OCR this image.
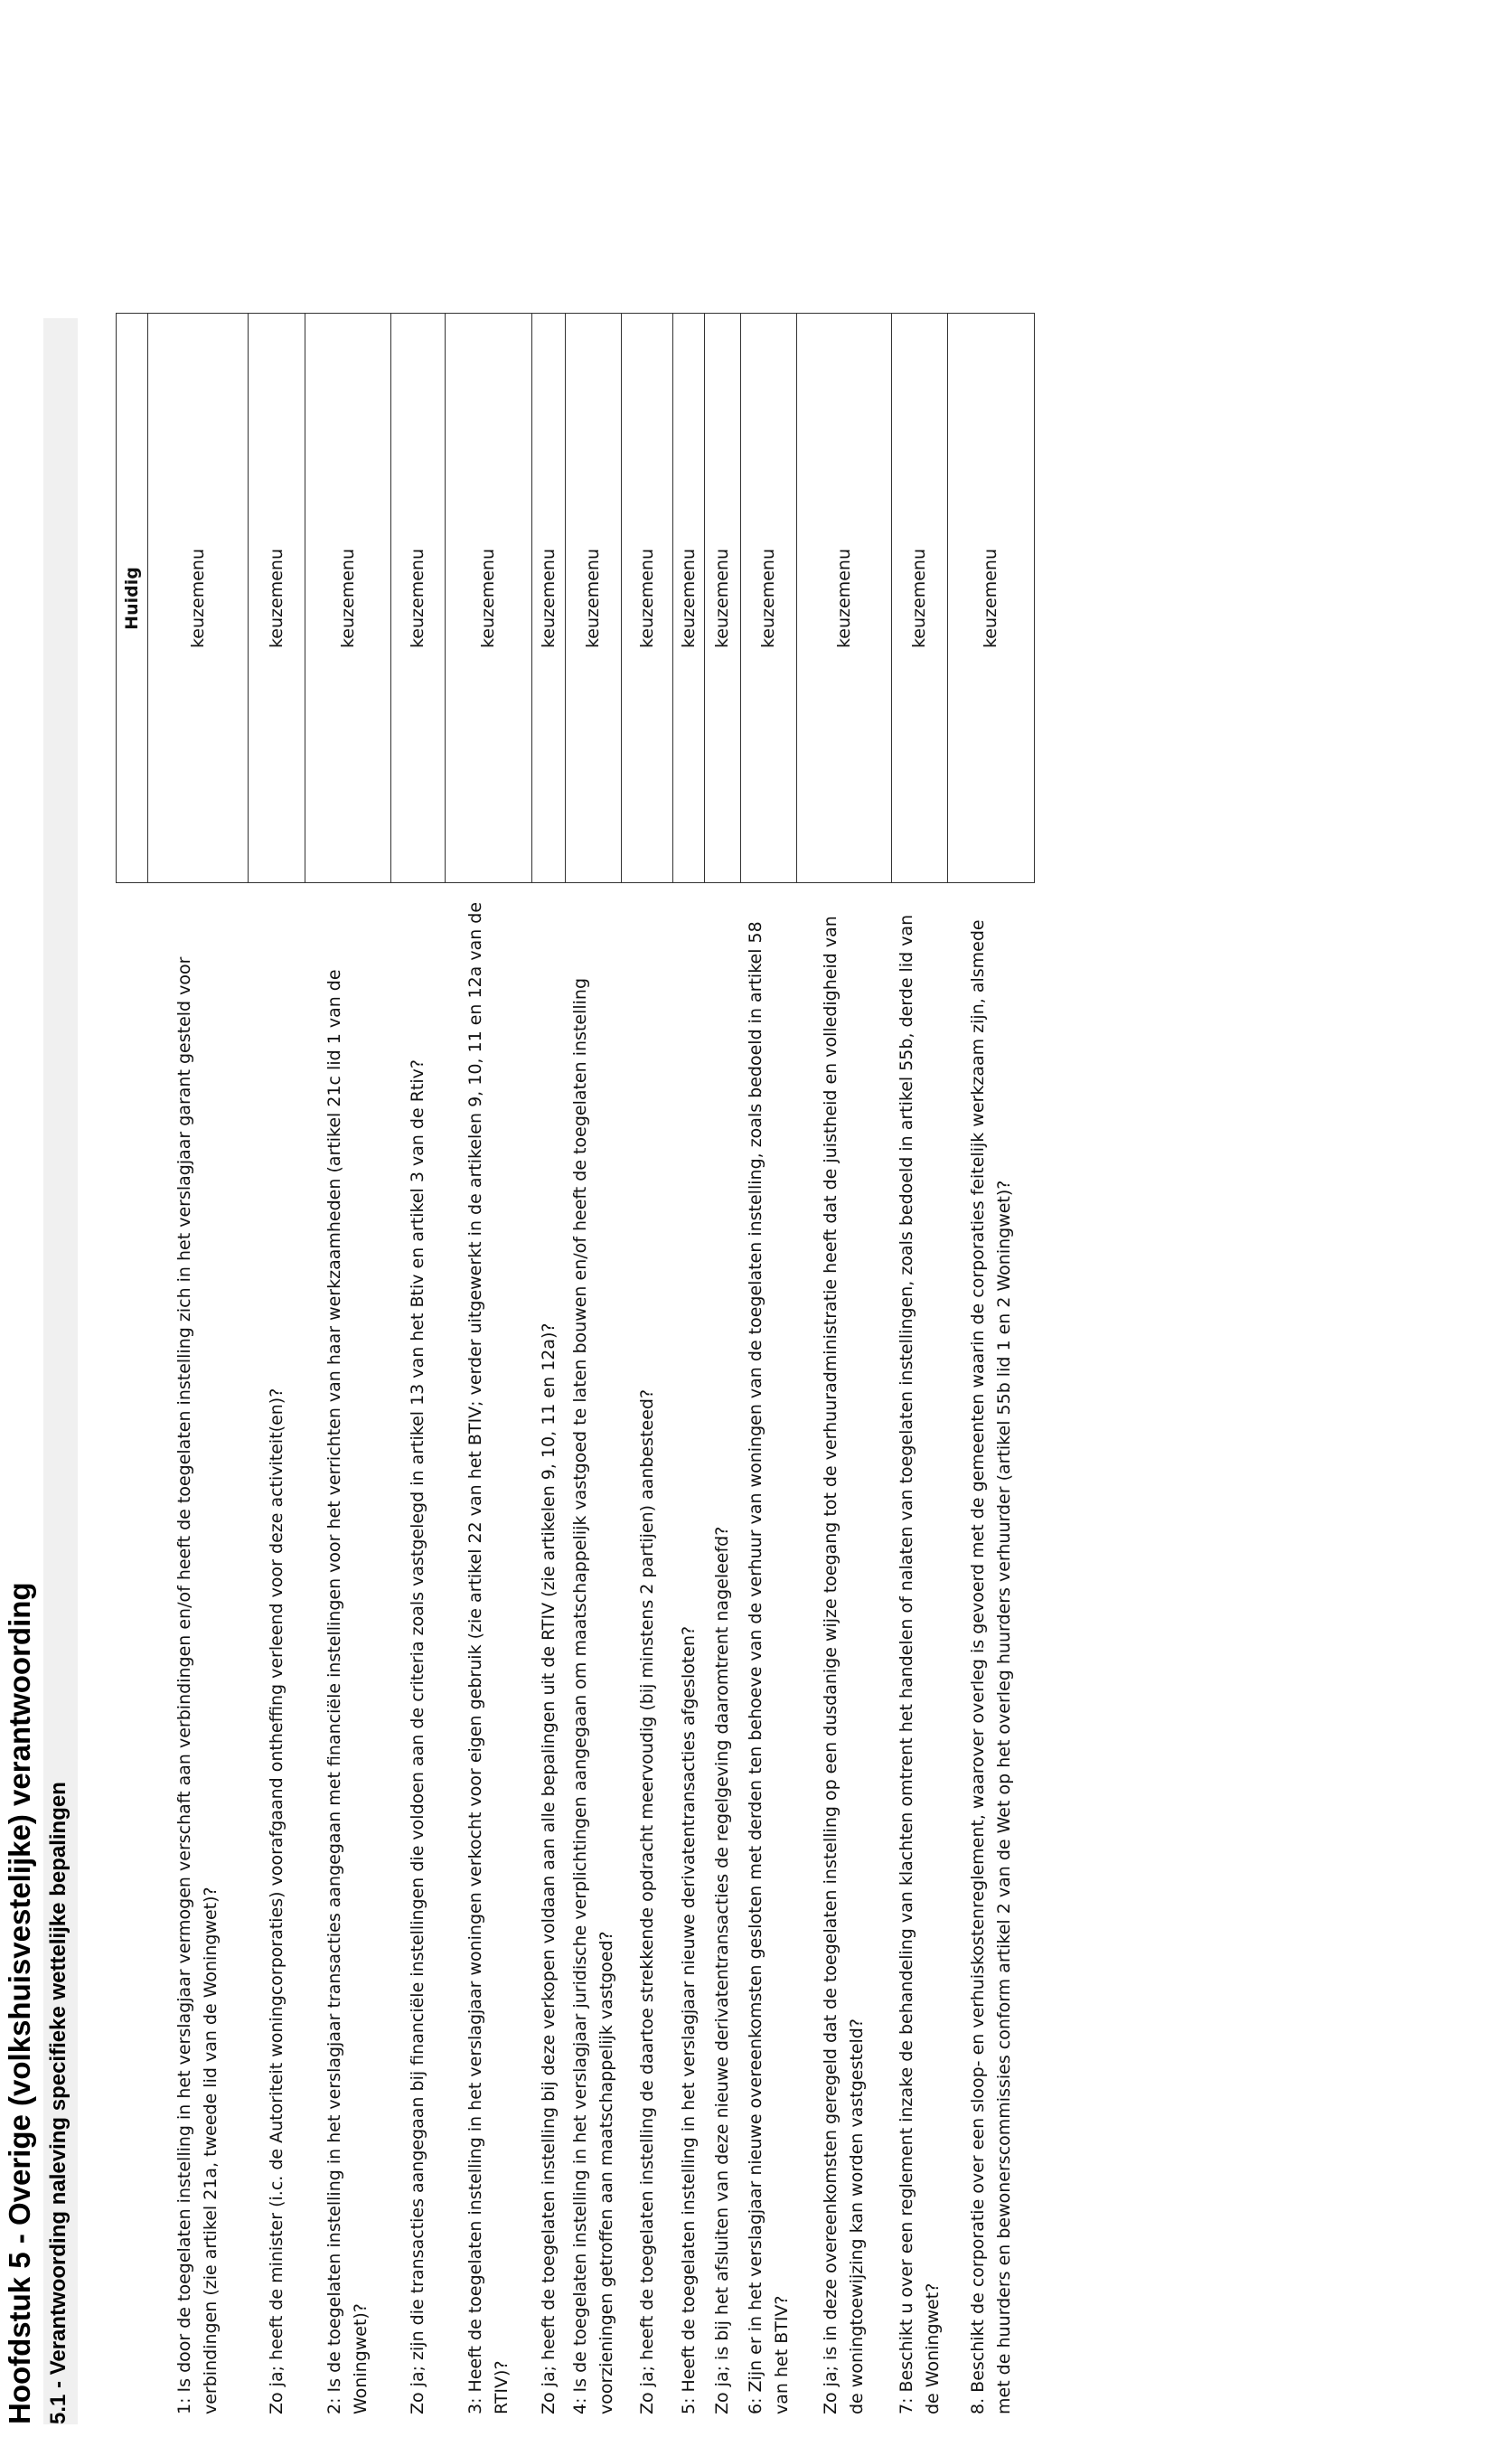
Hoofdstuk 5 - Overige (volkshuisvestelijke) verantwoording 5.1 - Verantwoording naleving specifieke wettelijke bepalingen
	Huidig
1: Is door de toegelaten instelling in het verslagjaar vermogen verschaft aan verbindingen en/of heeft de toegelaten instelling zich in het verslagjaar garant gesteld voor verbindingen (zie artikel 21a, tweede lid van de Woningwet)?	keuzemenu
Zo ja; heeft de minister (i.c. de Autoriteit woningcorporaties) voorafgaand ontheffing verleend voor deze activiteit(en)?	keuzemenu
2: Is de toegelaten instelling in het verslagjaar transacties aangegaan met financiële instellingen voor het verrichten van haar werkzaamheden (artikel 21c lid 1 van de Woningwet)?	keuzemenu
Zo ja; zijn die transacties aangegaan bij financiële instellingen die voldoen aan de criteria zoals vastgelegd in artikel 13 van het Btiv en artikel 3 van de Rtiv?	keuzemenu
3: Heeft de toegelaten instelling in het verslagjaar woningen verkocht voor eigen gebruik (zie artikel 22 van het BTIV; verder uitgewerkt in de artikelen 9, 10, 11 en 12a van de RTIV)?	keuzemenu
Zo ja; heeft de toegelaten instelling bij deze verkopen voldaan aan alle bepalingen uit de RTIV (zie artikelen 9, 10, 11 en 12a)?	keuzemenu
4: Is de toegelaten instelling in het verslagjaar juridische verplichtingen aangegaan om maatschappelijk vastgoed te laten bouwen en/of heeft de toegelaten instelling voorzieningen getroffen aan maatschappelijk vastgoed?	keuzemenu
Zo ja; heeft de toegelaten instelling de daartoe strekkende opdracht meervoudig (bij minstens 2 partijen) aanbesteed?	keuzemenu
5: Heeft de toegelaten instelling in het verslagjaar nieuwe derivatentransacties afgesloten?	keuzemenu
Zo ja; is bij het afsluiten van deze nieuwe derivatentransacties de regelgeving daaromtrent nageleefd?	keuzemenu
6: Zijn er in het verslagjaar nieuwe overeenkomsten gesloten met derden ten behoeve van de verhuur van woningen van de toegelaten instelling, zoals bedoeld in artikel 58 van het BTIV?	keuzemenu
Zo ja; is in deze overeenkomsten geregeld dat de toegelaten instelling op een dusdanige wijze toegang tot de verhuuradministratie heeft dat de juistheid en volledigheid van de woningtoewijzing kan worden vastgesteld?	keuzemenu
7: Beschikt u over een reglement inzake de behandeling van klachten omtrent het handelen of nalaten van toegelaten instellingen, zoals bedoeld in artikel 55b, derde lid van de Woningwet?	keuzemenu
8. Beschikt de corporatie over een sloop- en verhuiskostenreglement, waarover overleg is gevoerd met de gemeenten waarin de corporaties feitelijk werkzaam zijn, alsmede met de huurders en bewonerscommissies conform artikel 2 van de Wet op het overleg huurders verhuurder (artikel 55b lid 1 en 2 Woningwet)?	keuzemenu
